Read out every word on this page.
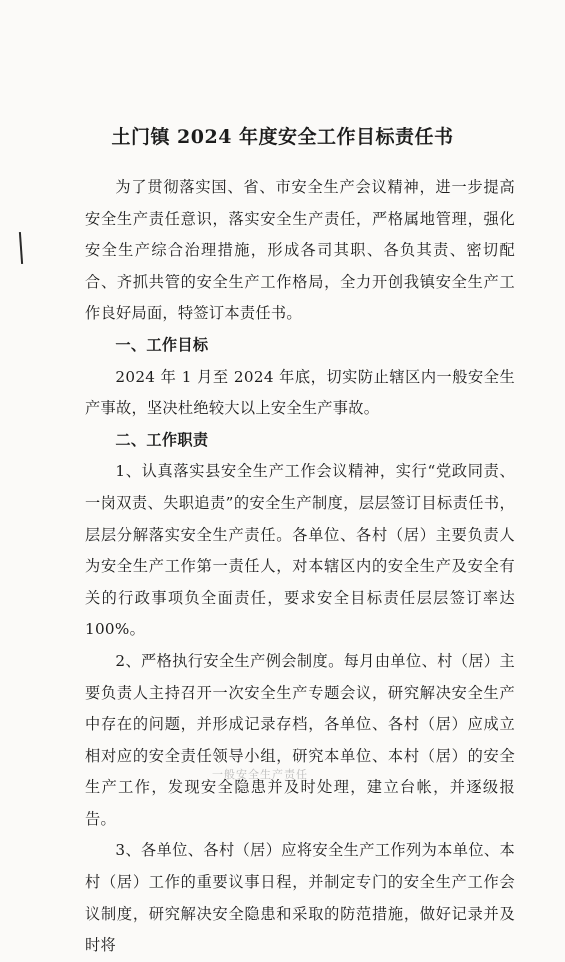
土门镇 2024 年度安全工作目标责任书

为了贯彻落实国、省、市安全生产会议精神，进一步提高安全生产责任意识，落实安全生产责任，严格属地管理，强化安全生产综合治理措施，形成各司其职、各负其责、密切配合、齐抓共管的安全生产工作格局，全力开创我镇安全生产工作良好局面，特签订本责任书。

一、工作目标

2024 年 1 月至 2024 年底，切实防止辖区内一般安全生产事故，坚决杜绝较大以上安全生产事故。

二、工作职责

1、认真落实县安全生产工作会议精神，实行“党政同责、一岗双责、失职追责”的安全生产制度，层层签订目标责任书，层层分解落实安全生产责任。各单位、各村（居）主要负责人为安全生产工作第一责任人，对本辖区内的安全生产及安全有关的行政事项负全面责任，要求安全目标责任层层签订率达 100%。

2、严格执行安全生产例会制度。每月由单位、村（居）主要负责人主持召开一次安全生产专题会议，研究解决安全生产中存在的问题，并形成记录存档，各单位、各村（居）应成立相对应的安全责任领导小组，研究本单位、本村（居）的安全生产工作，发现安全隐患并及时处理，建立台帐，并逐级报告。

3、各单位、各村（居）应将安全生产工作列为本单位、本村（居）工作的重要议事日程，并制定专门的安全生产工作会议制度，研究解决安全隐患和采取的防范措施，做好记录并及时将

一般安全生产责任
